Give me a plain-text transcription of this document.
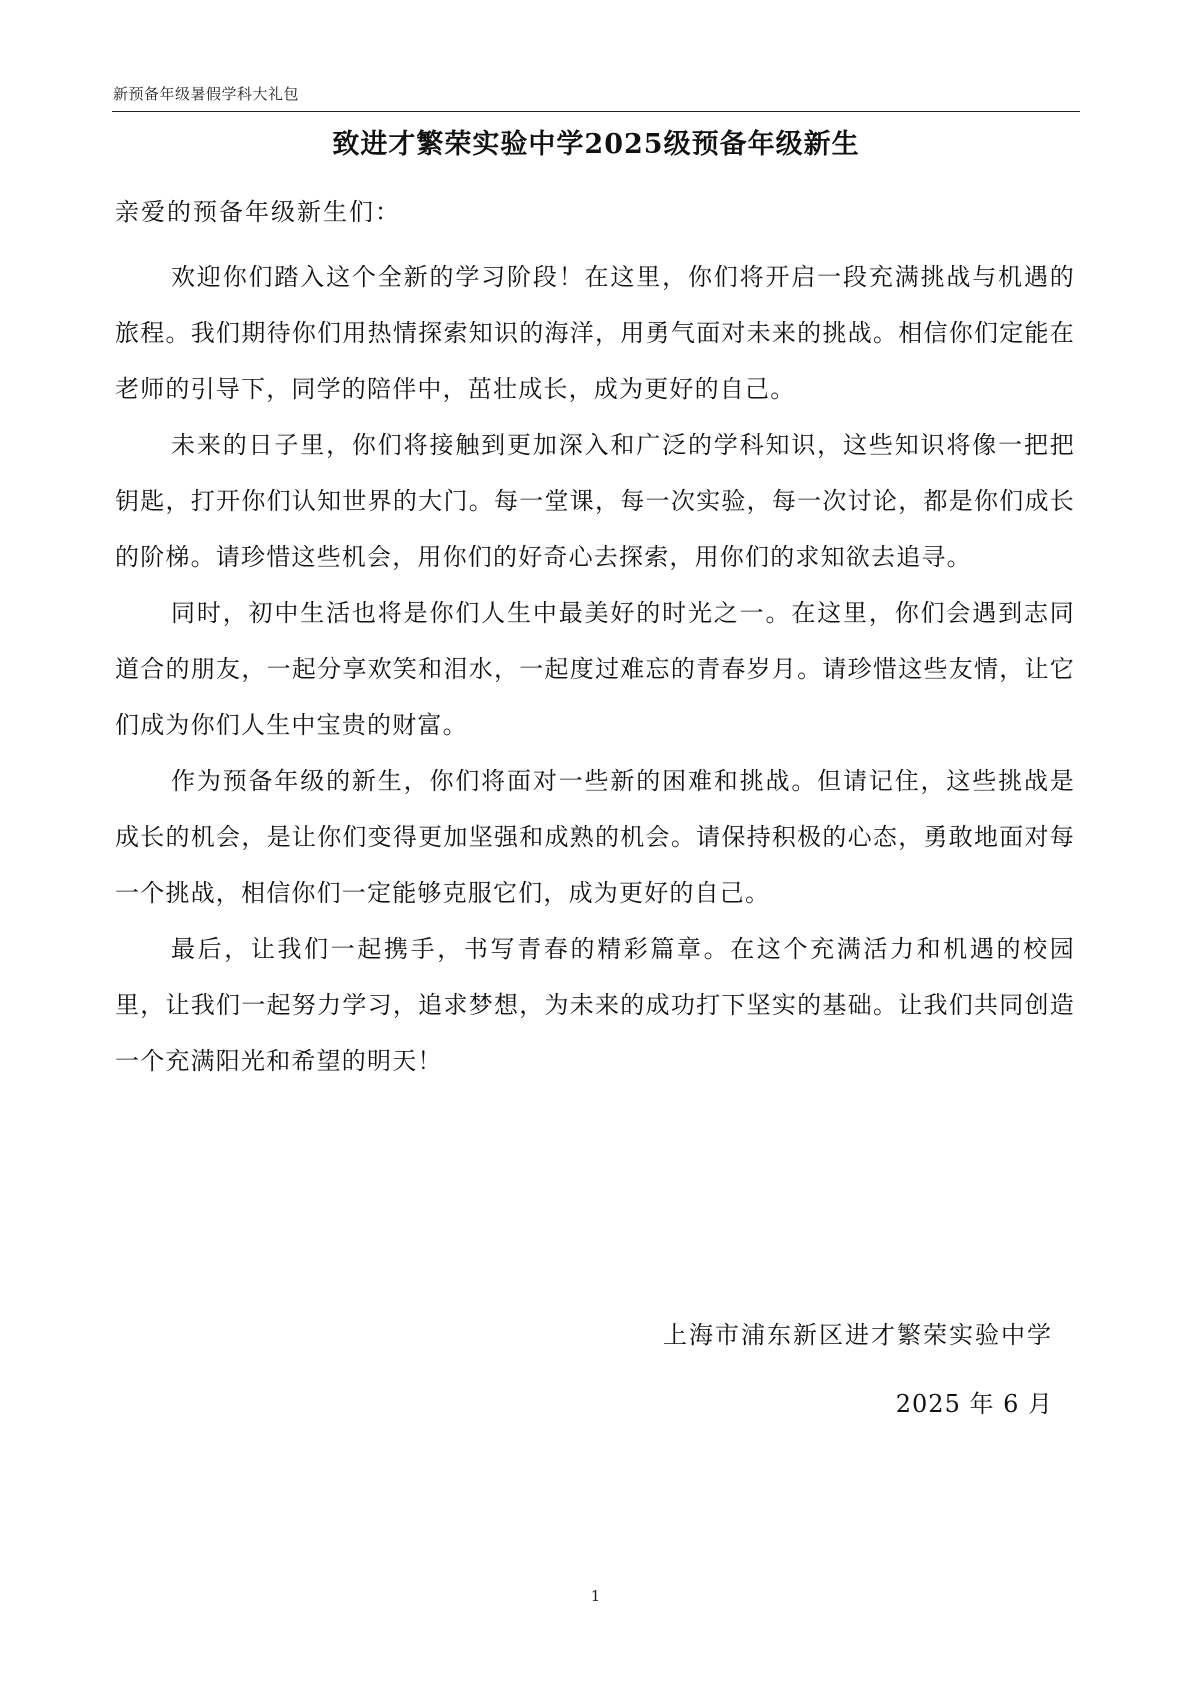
新预备年级暑假学科大礼包
致进才繁荣实验中学2025级预备年级新生
亲爱的预备年级新生们：

欢迎你们踏入这个全新的学习阶段！在这里，你们将开启一段充满挑战与机遇的旅程。我们期待你们用热情探索知识的海洋，用勇气面对未来的挑战。相信你们定能在老师的引导下，同学的陪伴中，茁壮成长，成为更好的自己。

未来的日子里，你们将接触到更加深入和广泛的学科知识，这些知识将像一把把钥匙，打开你们认知世界的大门。每一堂课，每一次实验，每一次讨论，都是你们成长的阶梯。请珍惜这些机会，用你们的好奇心去探索，用你们的求知欲去追寻。

同时，初中生活也将是你们人生中最美好的时光之一。在这里，你们会遇到志同道合的朋友，一起分享欢笑和泪水，一起度过难忘的青春岁月。请珍惜这些友情，让它们成为你们人生中宝贵的财富。

作为预备年级的新生，你们将面对一些新的困难和挑战。但请记住，这些挑战是成长的机会，是让你们变得更加坚强和成熟的机会。请保持积极的心态，勇敢地面对每一个挑战，相信你们一定能够克服它们，成为更好的自己。

最后，让我们一起携手，书写青春的精彩篇章。在这个充满活力和机遇的校园里，让我们一起努力学习，追求梦想，为未来的成功打下坚实的基础。让我们共同创造一个充满阳光和希望的明天！

上海市浦东新区进才繁荣实验中学
2025 年 6 月
1
